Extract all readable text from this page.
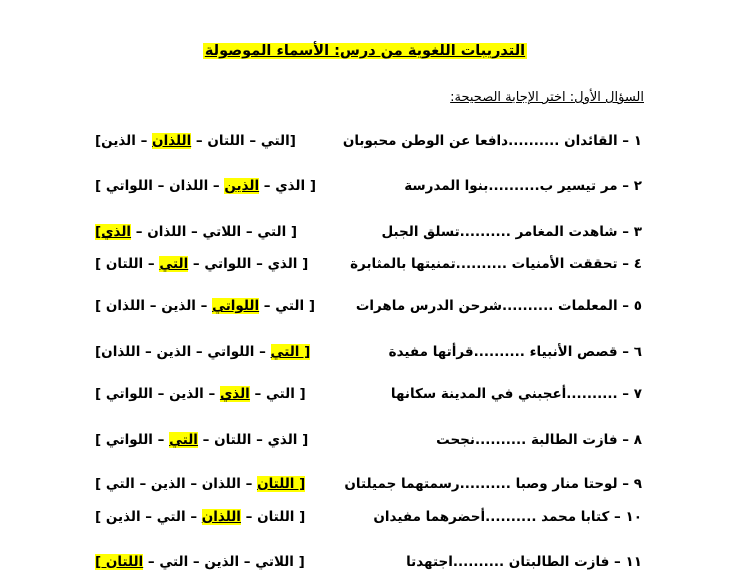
التدريبات اللغوية من درس: الأسماء الموصولة
السؤال الأول: اختر الإجابة الصحيحة:
١ – القائدان ..........دافعا عن الوطن محبوبان
[التي – اللتان – اللذان – الذين]
٢ – مر تيسير ب..........بنوا المدرسة
[ الذي – الذين – اللذان – اللواتي ]
٣ – شاهدت المغامر ..........تسلق الجبل
[ التي – اللاتي – اللذان – الذي]
٤ – تحققت الأمنيات ..........تمنيتها بالمثابرة
[ الذي – اللواتي – التي – اللتان ]
٥ – المعلمات ..........شرحن الدرس ماهرات
[ التي – اللواتي – الذين – اللذان ]
٦ – قصص الأنبياء ..........قرأتها مفيدة
[ التي – اللواتي – الذين – اللذان]
٧ – ..........أعجبني في المدينة سكانها
[ التي – الذي – الذين – اللواتي ]
٨ – فازت الطالبة ..........نجحت
[ الذي – اللتان – التي – اللواتي ]
٩ – لوحتا منار وصبا ..........رسمتهما جميلتان
[ اللتان – اللذان – الذين – التي ]
١٠ – كتابا محمد ..........أحضرهما مفيدان
[ اللتان – اللذان – التي – الذين ]
١١ – فازت الطالبتان ..........اجتهدتا
[ اللاتي – الذين – التي – اللتان ]
